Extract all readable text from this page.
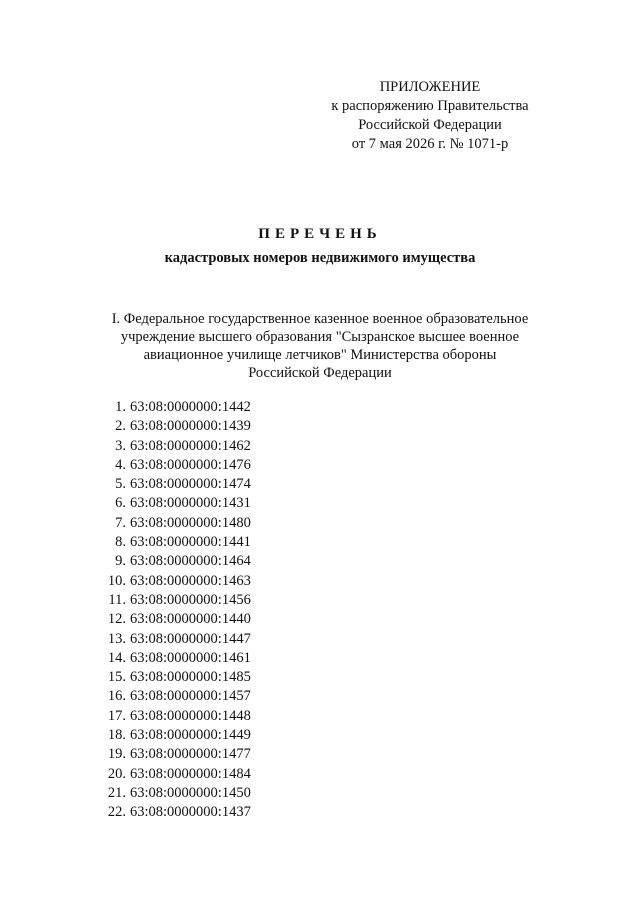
ПРИЛОЖЕНИЕ
к распоряжению Правительства
Российской Федерации
от 7 мая 2026 г. № 1071-р
ПЕРЕЧЕНЬ
кадастровых номеров недвижимого имущества
I. Федеральное государственное казенное военное образовательное
учреждение высшего образования "Сызранское высшее военное
авиационное училище летчиков" Министерства обороны
Российской Федерации
1. 63:08:0000000:1442
2. 63:08:0000000:1439
3. 63:08:0000000:1462
4. 63:08:0000000:1476
5. 63:08:0000000:1474
6. 63:08:0000000:1431
7. 63:08:0000000:1480
8. 63:08:0000000:1441
9. 63:08:0000000:1464
10. 63:08:0000000:1463
11. 63:08:0000000:1456
12. 63:08:0000000:1440
13. 63:08:0000000:1447
14. 63:08:0000000:1461
15. 63:08:0000000:1485
16. 63:08:0000000:1457
17. 63:08:0000000:1448
18. 63:08:0000000:1449
19. 63:08:0000000:1477
20. 63:08:0000000:1484
21. 63:08:0000000:1450
22. 63:08:0000000:1437
